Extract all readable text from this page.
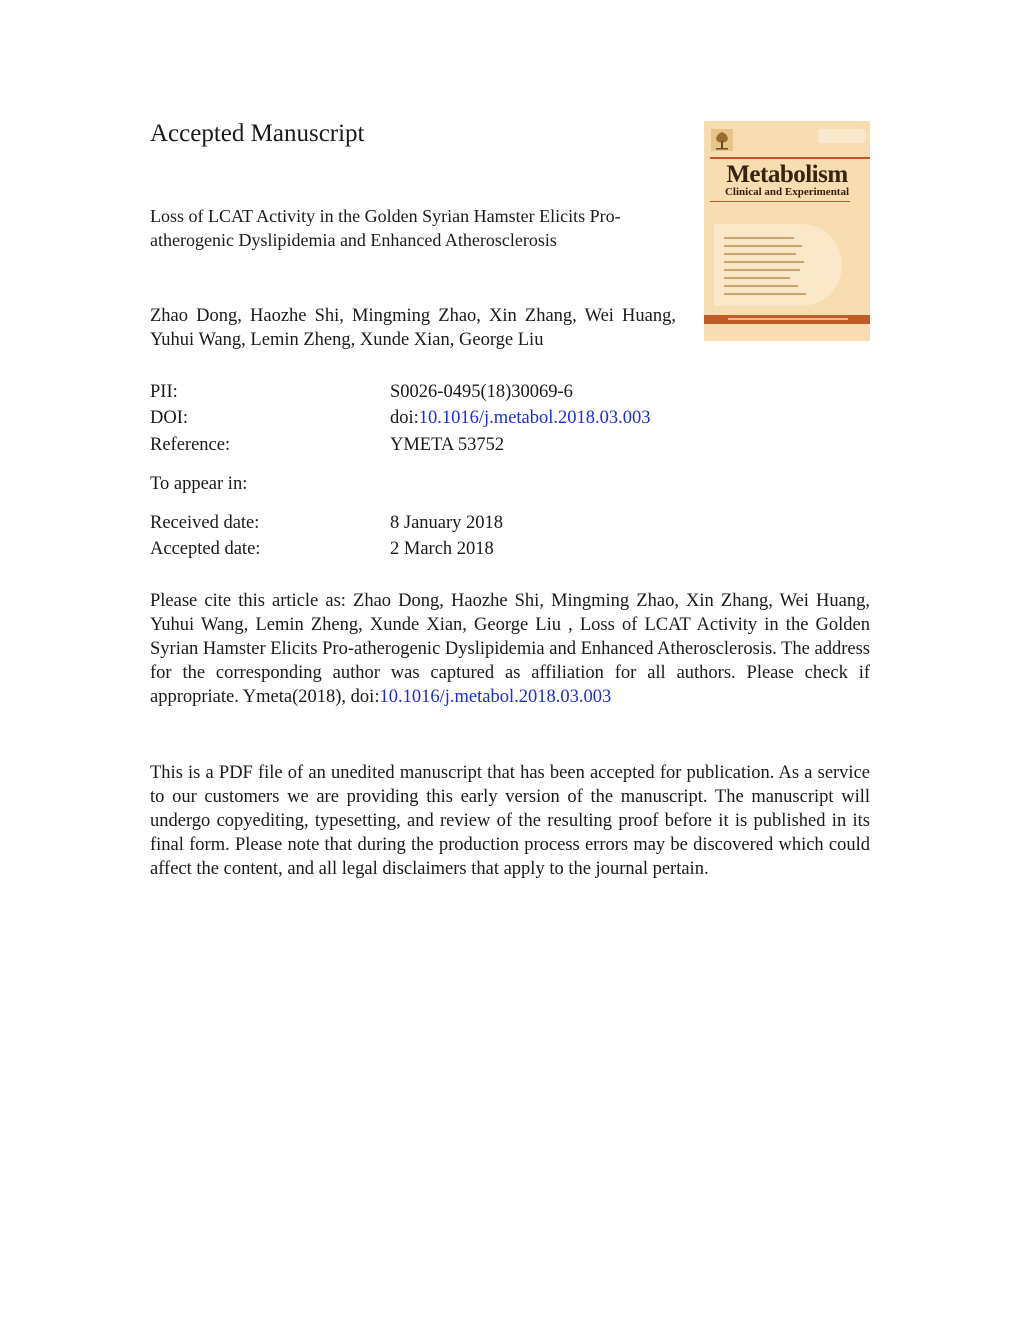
Accepted Manuscript
Loss of LCAT Activity in the Golden Syrian Hamster Elicits Pro-atherogenic Dyslipidemia and Enhanced Atherosclerosis
Zhao Dong, Haozhe Shi, Mingming Zhao, Xin Zhang, Wei Huang, Yuhui Wang, Lemin Zheng, Xunde Xian, George Liu
PII:	S0026-0495(18)30069-6
DOI:	doi:10.1016/j.metabol.2018.03.003
Reference:	YMETA 53752
To appear in:
Received date:	8 January 2018
Accepted date:	2 March 2018
Please cite this article as: Zhao Dong, Haozhe Shi, Mingming Zhao, Xin Zhang, Wei Huang, Yuhui Wang, Lemin Zheng, Xunde Xian, George Liu , Loss of LCAT Activity in the Golden Syrian Hamster Elicits Pro-atherogenic Dyslipidemia and Enhanced Atherosclerosis. The address for the corresponding author was captured as affiliation for all authors. Please check if appropriate. Ymeta(2018), doi:10.1016/j.metabol.2018.03.003
This is a PDF file of an unedited manuscript that has been accepted for publication. As a service to our customers we are providing this early version of the manuscript. The manuscript will undergo copyediting, typesetting, and review of the resulting proof before it is published in its final form. Please note that during the production process errors may be discovered which could affect the content, and all legal disclaimers that apply to the journal pertain.
Metabolism
Clinical and Experimental
